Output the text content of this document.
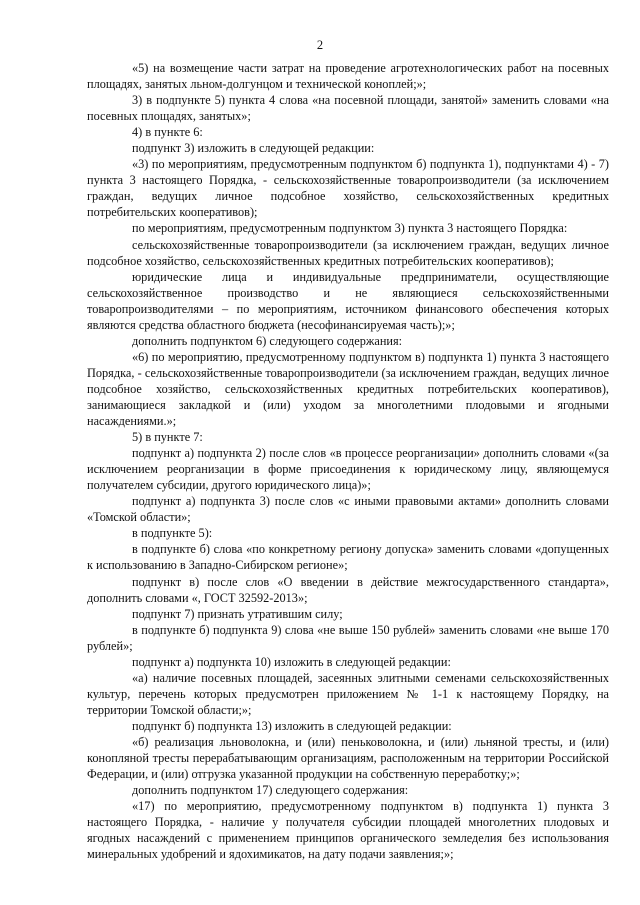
2

«5) на возмещение части затрат на проведение агротехнологических работ на посевных площадях, занятых льном-долгунцом и технической коноплей;»;

3) в подпункте 5) пункта 4 слова «на посевной площади, занятой» заменить словами «на посевных площадях, занятых»;

4) в пункте 6:

подпункт 3) изложить в следующей редакции:

«3) по мероприятиям, предусмотренным подпунктом б) подпункта 1), подпунктами 4) - 7) пункта 3 настоящего Порядка, - сельскохозяйственные товаропроизводители (за исключением граждан, ведущих личное подсобное хозяйство, сельскохозяйственных кредитных потребительских кооперативов);

по мероприятиям, предусмотренным подпунктом 3) пункта 3 настоящего Порядка:

сельскохозяйственные товаропроизводители (за исключением граждан, ведущих личное подсобное хозяйство, сельскохозяйственных кредитных потребительских кооперативов);

юридические лица и индивидуальные предприниматели, осуществляющие сельскохозяйственное производство и не являющиеся сельскохозяйственными товаропроизводителями – по мероприятиям, источником финансового обеспечения которых являются средства областного бюджета (несофинансируемая часть);»;

дополнить подпунктом 6) следующего содержания:

«6) по мероприятию, предусмотренному подпунктом в) подпункта 1) пункта 3 настоящего Порядка, - сельскохозяйственные товаропроизводители (за исключением граждан, ведущих личное подсобное хозяйство, сельскохозяйственных кредитных потребительских кооперативов), занимающиеся закладкой и (или) уходом за многолетними плодовыми и ягодными насаждениями.»;

5) в пункте 7:

подпункт а) подпункта 2) после слов «в процессе реорганизации» дополнить словами «(за исключением реорганизации в форме присоединения к юридическому лицу, являющемуся получателем субсидии, другого юридического лица)»;

подпункт а) подпункта 3) после слов «с иными правовыми актами» дополнить словами «Томской области»;

в подпункте 5):

в подпункте б) слова «по конкретному региону допуска» заменить словами «допущенных к использованию в Западно-Сибирском регионе»;

подпункт в) после слов «О введении в действие межгосударственного стандарта», дополнить словами «, ГОСТ 32592-2013»;

подпункт 7) признать утратившим силу;

в подпункте б) подпункта 9) слова «не выше 150 рублей» заменить словами «не выше 170 рублей»;

подпункт а) подпункта 10) изложить в следующей редакции:

«а) наличие посевных площадей, засеянных элитными семенами сельскохозяйственных культур, перечень которых предусмотрен приложением № 1-1 к настоящему Порядку, на территории Томской области;»;

подпункт б) подпункта 13) изложить в следующей редакции:

«б) реализация льноволокна, и (или) пеньковолокна, и (или) льняной тресты, и (или) конопляной тресты перерабатывающим организациям, расположенным на территории Российской Федерации, и (или) отгрузка указанной продукции на собственную переработку;»;

дополнить подпунктом 17) следующего содержания:

«17) по мероприятию, предусмотренному подпунктом в) подпункта 1) пункта 3 настоящего Порядка, - наличие у получателя субсидии площадей многолетних плодовых и ягодных насаждений с применением принципов органического земледелия без использования минеральных удобрений и ядохимикатов, на дату подачи заявления;»;
